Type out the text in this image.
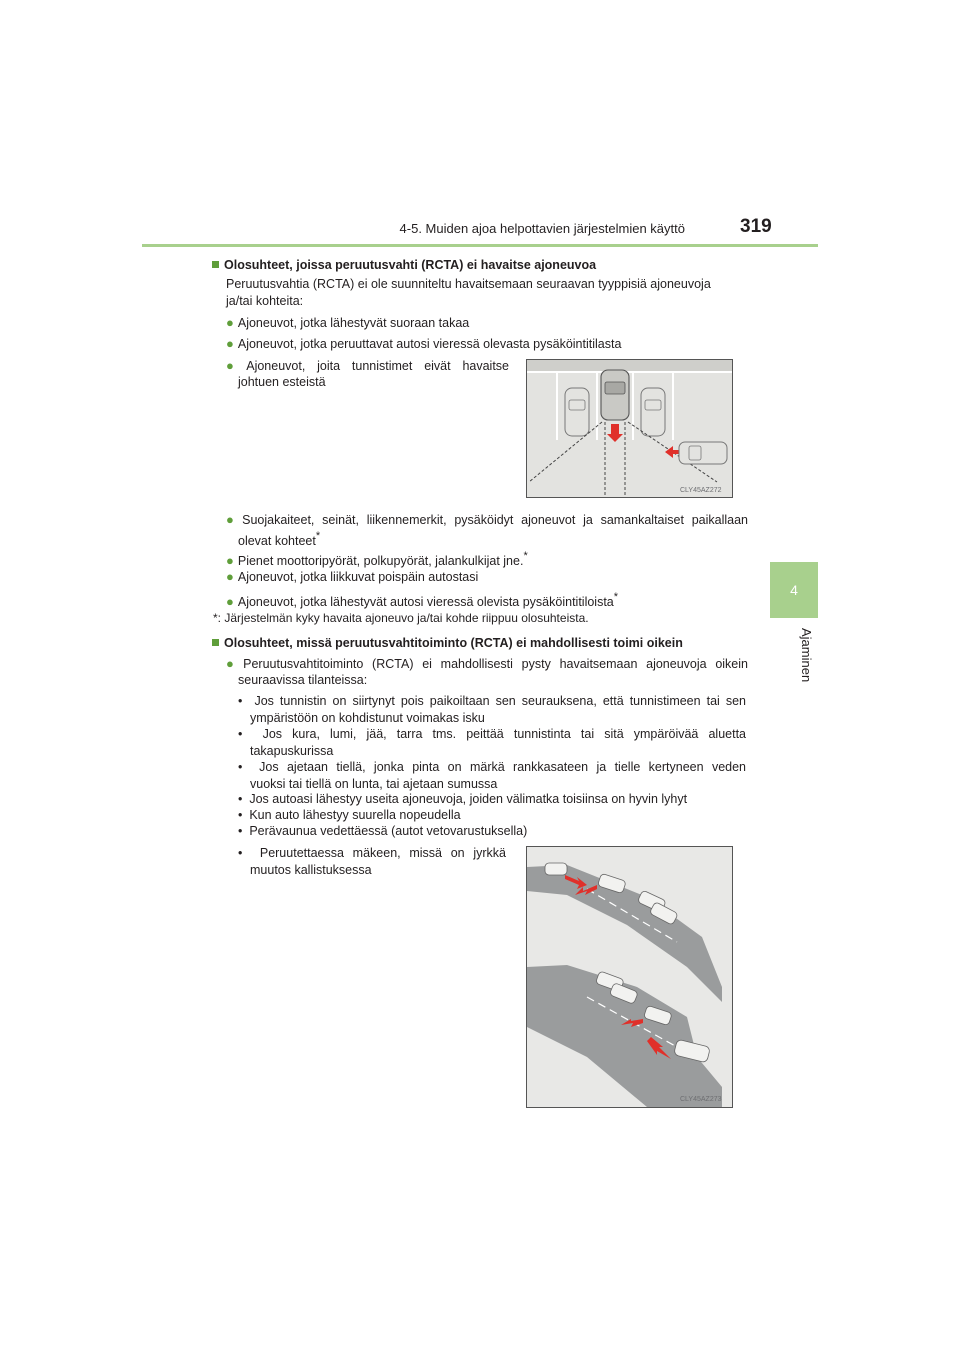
4-5. Muiden ajoa helpottavien järjestelmien käyttö	319
4
Ajaminen
Olosuhteet, joissa peruutusvahti (RCTA) ei havaitse ajoneuvoa
Peruutusvahtia (RCTA) ei ole suunniteltu havaitsemaan seuraavan tyyppisiä ajoneuvoja
ja/tai kohteita:
● Ajoneuvot, jotka lähestyvät suoraan takaa
● Ajoneuvot, jotka peruuttavat autosi vieressä olevasta pysäköintitilasta
● Ajoneuvot, joita tunnistimet eivät havaitse
johtuen esteistä
CLY45AZ272
● Suojakaiteet, seinät, liikennemerkit, pysäköidyt ajoneuvot ja samankaltaiset paikallaan
olevat kohteet*
● Pienet moottoripyörät, polkupyörät, jalankulkijat jne.*
● Ajoneuvot, jotka liikkuvat poispäin autostasi
● Ajoneuvot, jotka lähestyvät autosi vieressä olevista pysäköintitiloista*
*: Järjestelmän kyky havaita ajoneuvo ja/tai kohde riippuu olosuhteista.
Olosuhteet, missä peruutusvahtitoiminto (RCTA) ei mahdollisesti toimi oikein
● Peruutusvahtitoiminto (RCTA) ei mahdollisesti pysty havaitsemaan ajoneuvoja oikein
seuraavissa tilanteissa:
• Jos tunnistin on siirtynyt pois paikoiltaan sen seurauksena, että tunnistimeen tai sen
ympäristöön on kohdistunut voimakas isku
• Jos kura, lumi, jää, tarra tms. peittää tunnistinta tai sitä ympäröivää aluetta
takapuskurissa
• Jos ajetaan tiellä, jonka pinta on märkä rankkasateen ja tielle kertyneen veden
vuoksi tai tiellä on lunta, tai ajetaan sumussa
• Jos autoasi lähestyy useita ajoneuvoja, joiden välimatka toisiinsa on hyvin lyhyt
• Kun auto lähestyy suurella nopeudella
• Perävaunua vedettäessä (autot vetovarustuksella)
• Peruutettaessa mäkeen, missä on jyrkkä
muutos kallistuksessa
CLY45AZ273
